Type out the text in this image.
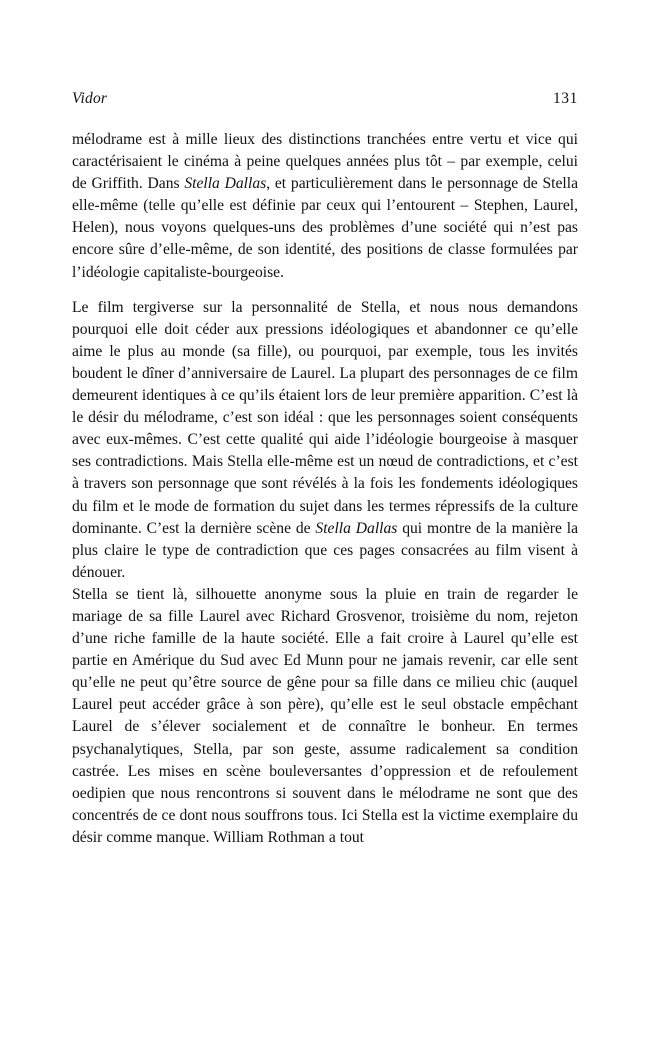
Vidor	131

mélodrame est à mille lieux des distinctions tranchées entre vertu et vice qui caractérisaient le cinéma à peine quelques années plus tôt – par exemple, celui de Griffith. Dans Stella Dallas, et particulièrement dans le personnage de Stella elle-même (telle qu’elle est définie par ceux qui l’entourent – Stephen, Laurel, Helen), nous voyons quelques-uns des problèmes d’une société qui n’est pas encore sûre d’elle-même, de son identité, des positions de classe formulées par l’idéologie capitaliste-bourgeoise.

Le film tergiverse sur la personnalité de Stella, et nous nous demandons pourquoi elle doit céder aux pressions idéologiques et abandonner ce qu’elle aime le plus au monde (sa fille), ou pourquoi, par exemple, tous les invités boudent le dîner d’anniversaire de Laurel. La plupart des personnages de ce film demeurent identiques à ce qu’ils étaient lors de leur première apparition. C’est là le désir du mélodrame, c’est son idéal : que les personnages soient conséquents avec eux-mêmes. C’est cette qualité qui aide l’idéologie bourgeoise à masquer ses contradictions. Mais Stella elle-même est un nœud de contradictions, et c’est à travers son personnage que sont révélés à la fois les fondements idéologiques du film et le mode de formation du sujet dans les termes répressifs de la culture dominante. C’est la dernière scène de Stella Dallas qui montre de la manière la plus claire le type de contradiction que ces pages consacrées au film visent à dénouer.

Stella se tient là, silhouette anonyme sous la pluie en train de regarder le mariage de sa fille Laurel avec Richard Grosvenor, troisième du nom, rejeton d’une riche famille de la haute société. Elle a fait croire à Laurel qu’elle est partie en Amérique du Sud avec Ed Munn pour ne jamais revenir, car elle sent qu’elle ne peut qu’être source de gêne pour sa fille dans ce milieu chic (auquel Laurel peut accéder grâce à son père), qu’elle est le seul obstacle empêchant Laurel de s’élever socialement et de connaître le bonheur. En termes psychanalytiques, Stella, par son geste, assume radicalement sa condition castrée. Les mises en scène bouleversantes d’oppression et de refoulement oedipien que nous rencontrons si souvent dans le mélodrame ne sont que des concentrés de ce dont nous souffrons tous. Ici Stella est la victime exemplaire du désir comme manque. William Rothman a tout
